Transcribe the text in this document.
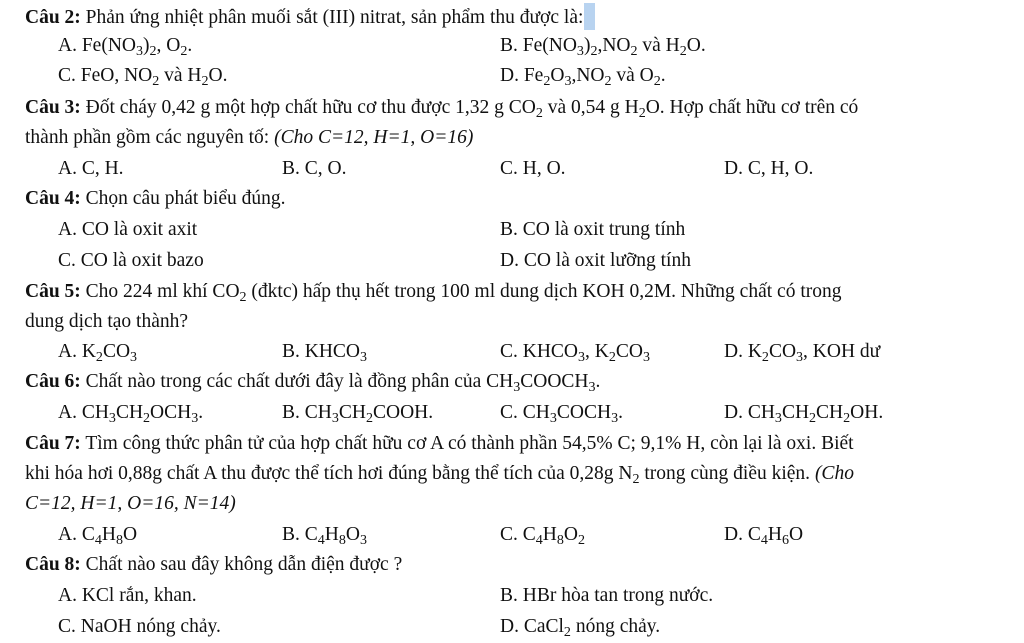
Câu 2: Phản ứng nhiệt phân muối sắt (III) nitrat, sản phẩm thu được là:
A. $Fe(NO_3)_2$, $O_2$.	B. $Fe(NO_3)_2,NO_2$ và $H_2O$.
C. FeO, $NO_2$ và $H_2O$.	D. $Fe_2O_3,NO_2$ và $O_2$.
Câu 3: Đốt cháy 0,42 g một hợp chất hữu cơ thu được 1,32 g $CO_2$ và 0,54 g $H_2O$. Hợp chất hữu cơ trên có
thành phần gồm các nguyên tố: (Cho C=12, H=1, O=16)
A. C, H.	B. C, O.	C. H, O.	D. C, H, O.
Câu 4: Chọn câu phát biểu đúng.
A. CO là oxit axit	B. CO là oxit trung tính
C. CO là oxit bazo	D. CO là oxit lưỡng tính
Câu 5: Cho 224 ml khí $CO_2$ (đktc) hấp thụ hết trong 100 ml dung dịch KOH 0,2M. Những chất có trong
dung dịch tạo thành?
A. $K_2CO_3$	B. $KHCO_3$	C. $KHCO_3$, $K_2CO_3$	D. $K_2CO_3$, KOH dư
Câu 6: Chất nào trong các chất dưới đây là đồng phân của $CH_3COOCH_3$.
A. $CH_3CH_2OCH_3$.	B. $CH_3CH_2COOH$.	C. $CH_3COCH_3$.	D. $CH_3CH_2CH_2OH$.
Câu 7: Tìm công thức phân tử của hợp chất hữu cơ A có thành phần 54,5% C; 9,1% H, còn lại là oxi. Biết
khi hóa hơi 0,88g chất A thu được thể tích hơi đúng bằng thể tích của 0,28g $N_2$ trong cùng điều kiện. (Cho
C=12, H=1, O=16, N=14)
A. $C_4H_8O$	B. $C_4H_8O_3$	C. $C_4H_8O_2$	D. $C_4H_6O$
Câu 8: Chất nào sau đây không dẫn điện được ?
A. KCl rắn, khan.	B. HBr hòa tan trong nước.
C. NaOH nóng chảy.	D. CaCl$_2$ nóng chảy.
